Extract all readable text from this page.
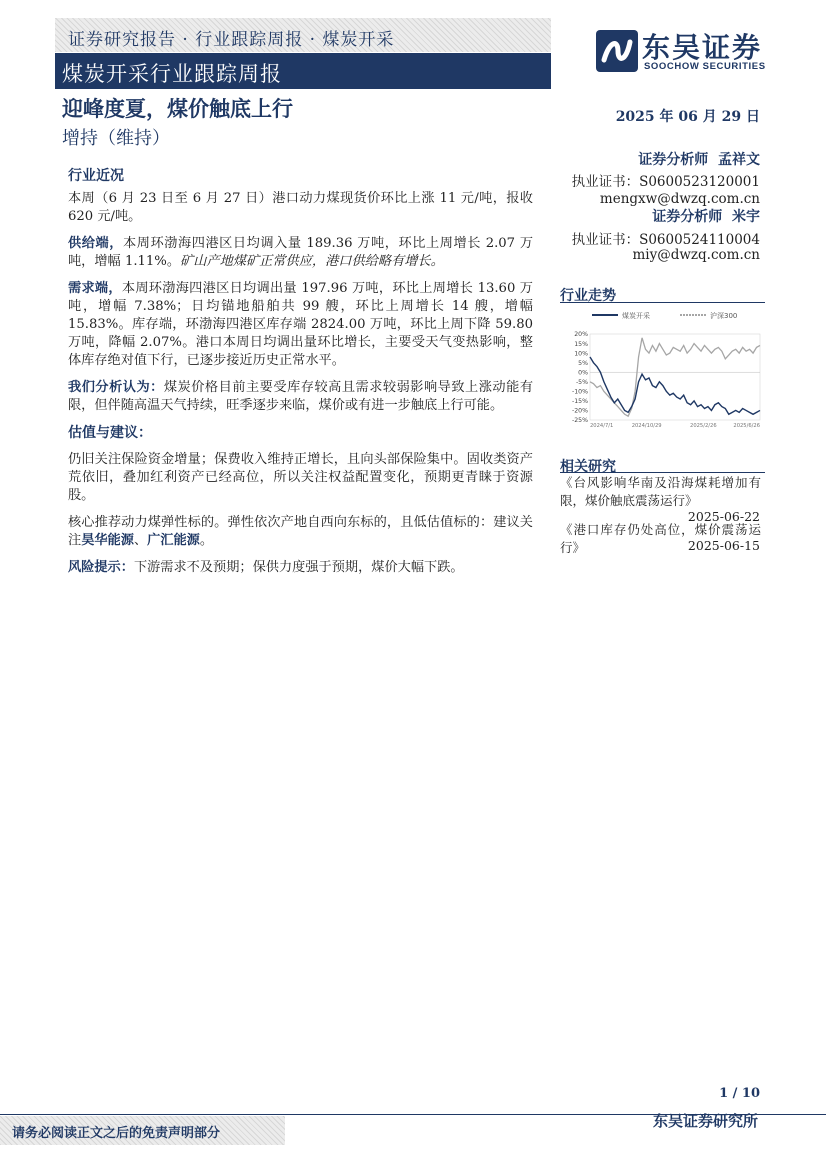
证券研究报告 · 行业跟踪周报 · 煤炭开采
煤炭开采行业跟踪周报
东吴证券
SOOCHOW SECURITIES
迎峰度夏，煤价触底上行
增持（维持）
2025 年 06 月 29 日
行业近况

本周（6 月 23 日至 6 月 27 日）港口动力煤现货价环比上涨 11 元/吨，报收 620 元/吨。

供给端，本周环渤海四港区日均调入量 189.36 万吨，环比上周增长 2.07 万吨，增幅 1.11%。矿山产地煤矿正常供应，港口供给略有增长。

需求端，本周环渤海四港区日均调出量 197.96 万吨，环比上周增长 13.60 万吨，增幅 7.38%；日均锚地船舶共 99 艘，环比上周增长 14 艘，增幅 15.83%。库存端，环渤海四港区库存端 2824.00 万吨，环比上周下降 59.80 万吨，降幅 2.07%。港口本周日均调出量环比增长，主要受天气变热影响，整体库存绝对值下行，已逐步接近历史正常水平。

我们分析认为：煤炭价格目前主要受库存较高且需求较弱影响导致上涨动能有限，但伴随高温天气持续，旺季逐步来临，煤价或有进一步触底上行可能。

估值与建议：

仍旧关注保险资金增量；保费收入维持正增长，且向头部保险集中。固收类资产荒依旧，叠加红利资产已经高位，所以关注权益配置变化，预期更青睐于资源股。

核心推荐动力煤弹性标的。弹性依次产地自西向东标的，且低估值标的：建议关注昊华能源、广汇能源。

风险提示：下游需求不及预期；保供力度强于预期，煤价大幅下跌。

证券分析师 孟祥文
执业证书：S0600523120001
mengxw@dwzq.com.cn
证券分析师 米宇
执业证书：S0600524110004
miy@dwzq.com.cn
行业走势
煤炭开采	沪深300
20%
15%
10%
5%
0%
-5%
-10%
-15%
-20%
-25%
2024/7/1	2024/10/29	2025/2/26	2025/6/26
相关研究
《台风影响华南及沿海煤耗增加有限，煤价触底震荡运行》
2025-06-22
《港口库存仍处高位，煤价震荡运行》	2025-06-15
1 / 10
请务必阅读正文之后的免责声明部分
东吴证券研究所
